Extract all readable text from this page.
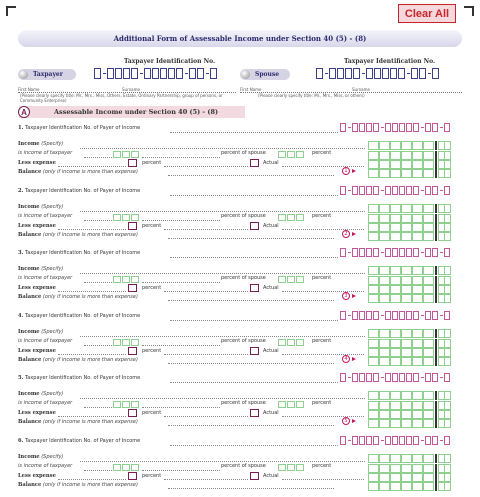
Clear All
Additional Form of Assessable Income under Section 40 (5) - (8)
Taxpayer Identification No.	Taxpayer Identification No.
Taxpayer	Spouse
First Name	Surname
(Please clearly specify title: Mr., Mrs., Miss, Others, Estate, Ordinary Partnership, group of persons, or Community Enterprise)
First Name	Surname
(Please clearly specify title: Mr., Mrs., Miss, or others)
A	Assessable Income under Section 40 (5) - (8)
1. Taxpayer Identification No. of Payer of Income
Income (Specify)
is income of taxpayer	percent of spouse	percent
Less expense	percent	Actual
Balance (only if income is more than expense)	1
2. Taxpayer Identification No. of Payer of Income
Income (Specify)
is income of taxpayer	percent of spouse	percent
Less expense	percent	Actual
Balance (only if income is more than expense)	2
3. Taxpayer Identification No. of Payer of Income
Income (Specify)
is income of taxpayer	percent of spouse	percent
Less expense	percent	Actual
Balance (only if income is more than expense)	3
4. Taxpayer Identification No. of Payer of Income
Income (Specify)
is income of taxpayer	percent of spouse	percent
Less expense	percent	Actual
Balance (only if income is more than expense)	4
5. Taxpayer Identification No. of Payer of Income
Income (Specify)
is income of taxpayer	percent of spouse	percent
Less expense	percent	Actual
Balance (only if income is more than expense)	5
6. Taxpayer Identification No. of Payer of Income
Income (Specify)
is income of taxpayer	percent of spouse	percent
Less expense	percent	Actual
Balance (only if income is more than expense)
